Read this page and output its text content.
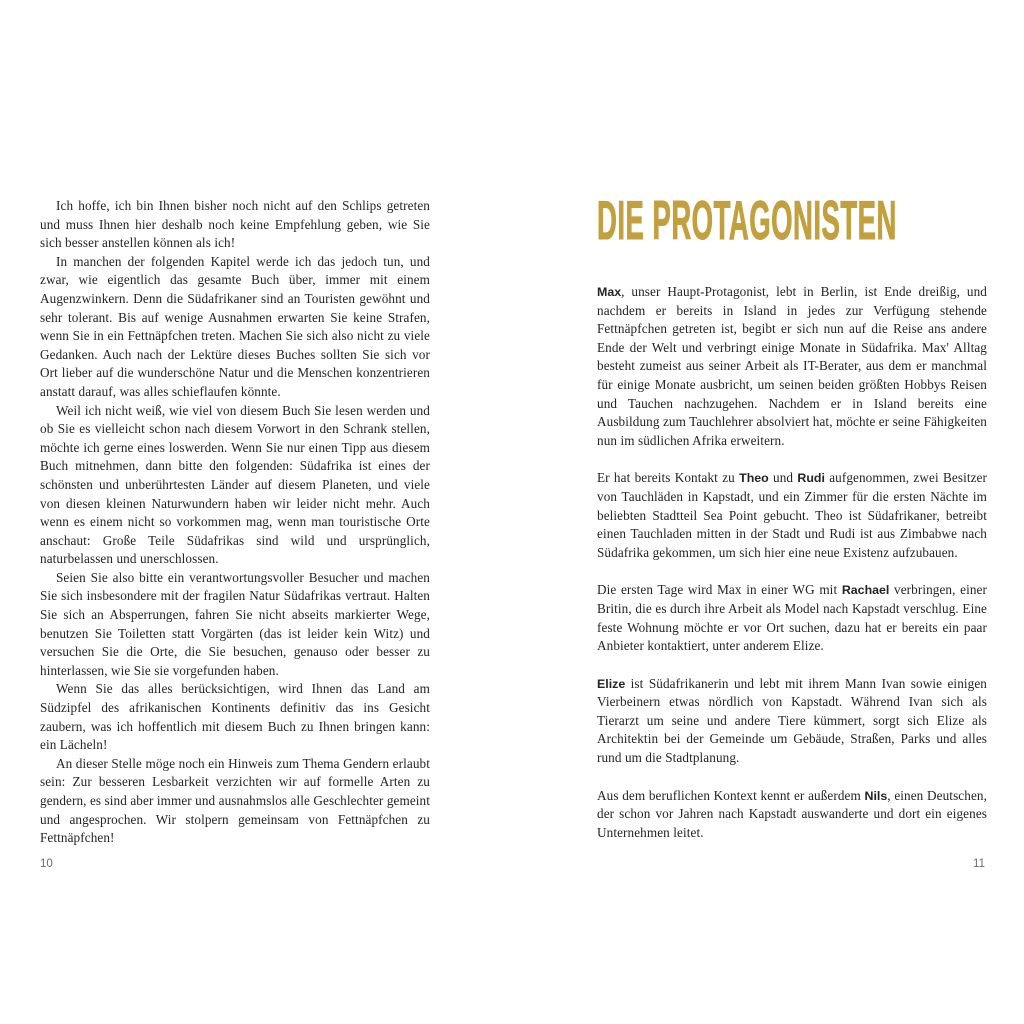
Ich hoffe, ich bin Ihnen bisher noch nicht auf den Schlips getreten und muss Ihnen hier deshalb noch keine Empfehlung geben, wie Sie sich besser anstellen können als ich!

In manchen der folgenden Kapitel werde ich das jedoch tun, und zwar, wie eigentlich das gesamte Buch über, immer mit einem Augenzwinkern. Denn die Südafrikaner sind an Touristen gewöhnt und sehr tolerant. Bis auf wenige Ausnahmen erwarten Sie keine Strafen, wenn Sie in ein Fettnäpfchen treten. Machen Sie sich also nicht zu viele Gedanken. Auch nach der Lektüre dieses Buches sollten Sie sich vor Ort lieber auf die wunderschöne Natur und die Menschen konzentrieren anstatt darauf, was alles schieflaufen könnte.

Weil ich nicht weiß, wie viel von diesem Buch Sie lesen werden und ob Sie es vielleicht schon nach diesem Vorwort in den Schrank stellen, möchte ich gerne eines loswerden. Wenn Sie nur einen Tipp aus diesem Buch mitnehmen, dann bitte den folgenden: Südafrika ist eines der schönsten und unberührtesten Länder auf diesem Planeten, und viele von diesen kleinen Naturwundern haben wir leider nicht mehr. Auch wenn es einem nicht so vorkommen mag, wenn man touristische Orte anschaut: Große Teile Südafrikas sind wild und ursprünglich, naturbelassen und unerschlossen.

Seien Sie also bitte ein verantwortungsvoller Besucher und machen Sie sich insbesondere mit der fragilen Natur Südafrikas vertraut. Halten Sie sich an Absperrungen, fahren Sie nicht abseits markierter Wege, benutzen Sie Toiletten statt Vorgärten (das ist leider kein Witz) und versuchen Sie die Orte, die Sie besuchen, genauso oder besser zu hinterlassen, wie Sie sie vorgefunden haben.

Wenn Sie das alles berücksichtigen, wird Ihnen das Land am Südzipfel des afrikanischen Kontinents definitiv das ins Gesicht zaubern, was ich hoffentlich mit diesem Buch zu Ihnen bringen kann: ein Lächeln!

An dieser Stelle möge noch ein Hinweis zum Thema Gendern erlaubt sein: Zur besseren Lesbarkeit verzichten wir auf formelle Arten zu gendern, es sind aber immer und ausnahmslos alle Geschlechter gemeint und angesprochen. Wir stolpern gemeinsam von Fettnäpfchen zu Fettnäpfchen!

10
DIE PROTAGONISTEN

Max, unser Haupt-Protagonist, lebt in Berlin, ist Ende dreißig, und nachdem er bereits in Island in jedes zur Verfügung stehende Fettnäpfchen getreten ist, begibt er sich nun auf die Reise ans andere Ende der Welt und verbringt einige Monate in Südafrika. Max' Alltag besteht zumeist aus seiner Arbeit als IT-Berater, aus dem er manchmal für einige Monate ausbricht, um seinen beiden größten Hobbys Reisen und Tauchen nachzugehen. Nachdem er in Island bereits eine Ausbildung zum Tauchlehrer absolviert hat, möchte er seine Fähigkeiten nun im südlichen Afrika erweitern.

Er hat bereits Kontakt zu Theo und Rudi aufgenommen, zwei Besitzer von Tauchläden in Kapstadt, und ein Zimmer für die ersten Nächte im beliebten Stadtteil Sea Point gebucht. Theo ist Südafrikaner, betreibt einen Tauchladen mitten in der Stadt und Rudi ist aus Zimbabwe nach Südafrika gekommen, um sich hier eine neue Existenz aufzubauen.

Die ersten Tage wird Max in einer WG mit Rachael verbringen, einer Britin, die es durch ihre Arbeit als Model nach Kapstadt verschlug. Eine feste Wohnung möchte er vor Ort suchen, dazu hat er bereits ein paar Anbieter kontaktiert, unter anderem Elize.

Elize ist Südafrikanerin und lebt mit ihrem Mann Ivan sowie einigen Vierbeinern etwas nördlich von Kapstadt. Während Ivan sich als Tierarzt um seine und andere Tiere kümmert, sorgt sich Elize als Architektin bei der Gemeinde um Gebäude, Straßen, Parks und alles rund um die Stadtplanung.

Aus dem beruflichen Kontext kennt er außerdem Nils, einen Deutschen, der schon vor Jahren nach Kapstadt auswanderte und dort ein eigenes Unternehmen leitet.

11
